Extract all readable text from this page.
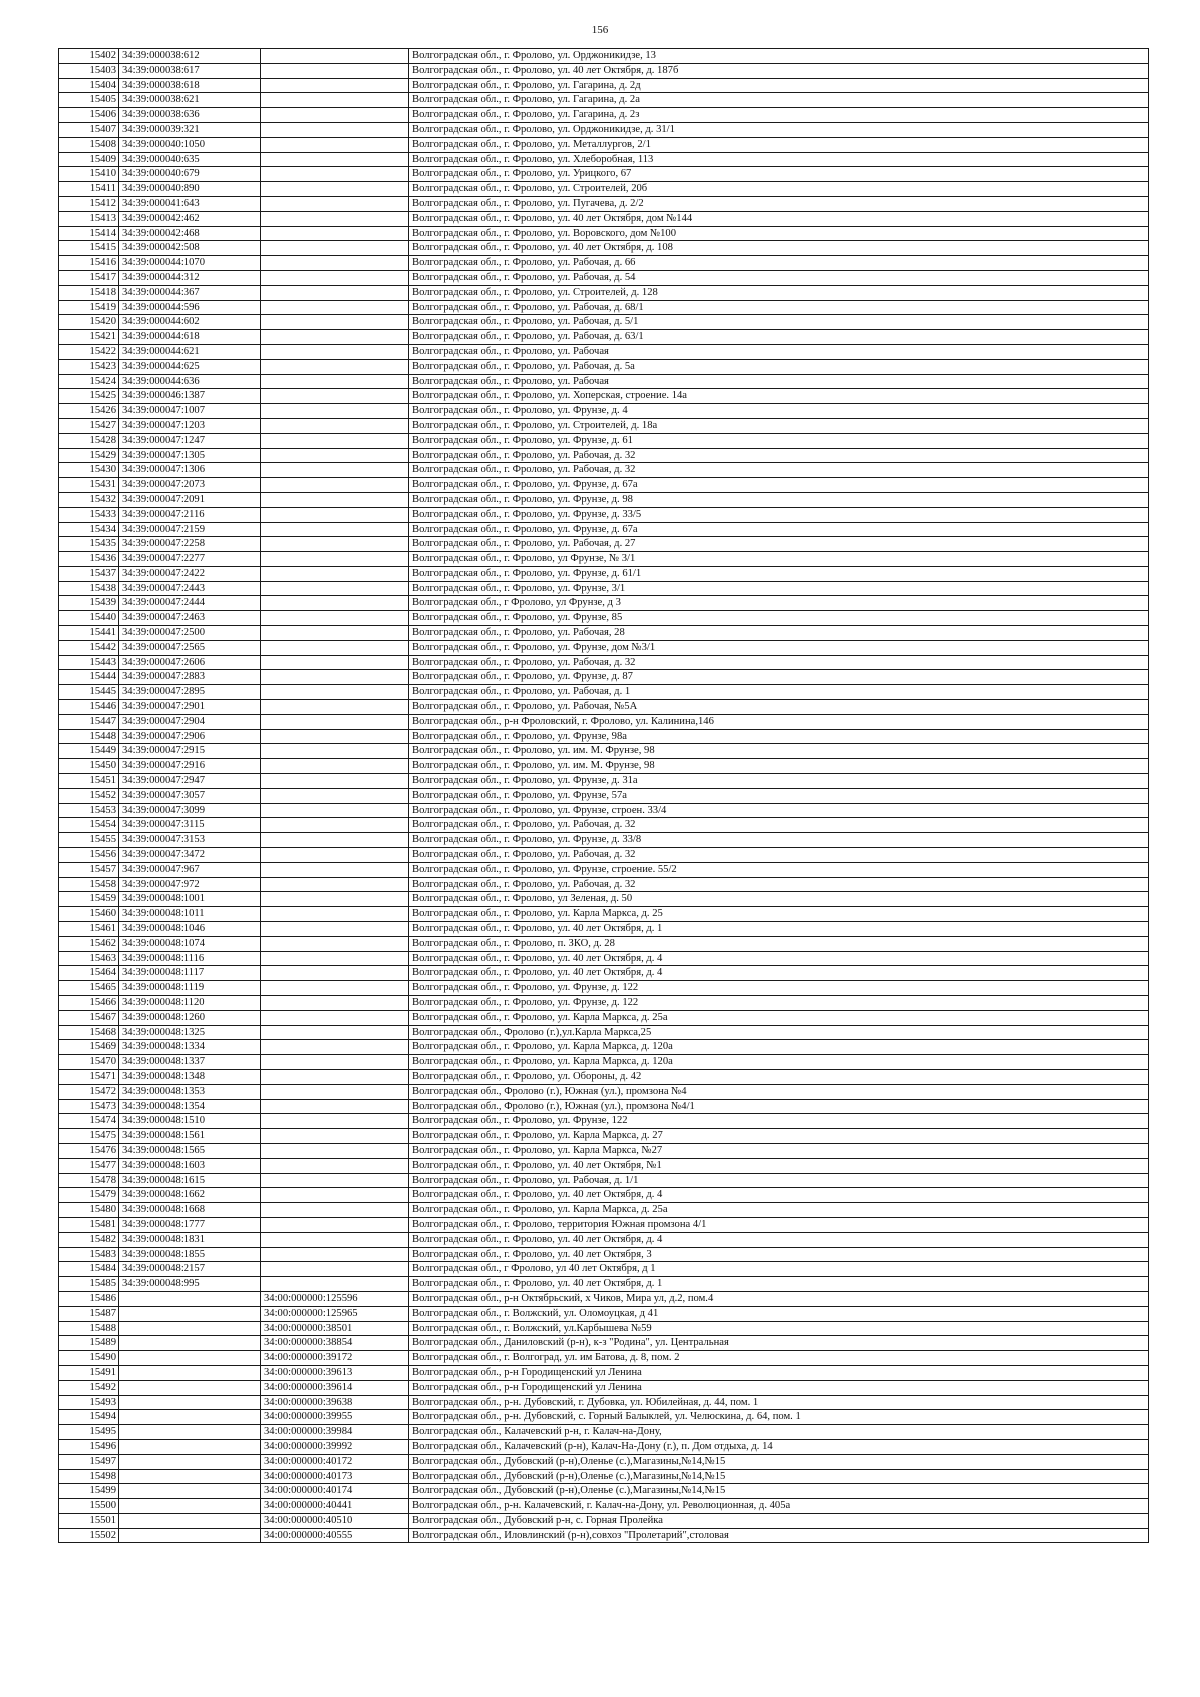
156
15402	34:39:000038:612		Волгоградская обл., г. Фролово, ул. Орджоникидзе, 13
15403	34:39:000038:617		Волгоградская обл., г. Фролово, ул. 40 лет Октября, д. 187б
15404	34:39:000038:618		Волгоградская обл., г. Фролово, ул. Гагарина, д. 2д
15405	34:39:000038:621		Волгоградская обл., г. Фролово, ул. Гагарина, д. 2а
15406	34:39:000038:636		Волгоградская обл., г. Фролово, ул. Гагарина, д. 2з
15407	34:39:000039:321		Волгоградская обл., г. Фролово, ул. Орджоникидзе, д. 31/1
15408	34:39:000040:1050		Волгоградская обл., г. Фролово, ул. Металлургов, 2/1
15409	34:39:000040:635		Волгоградская обл., г. Фролово, ул. Хлеборобная, 113
15410	34:39:000040:679		Волгоградская обл., г. Фролово, ул. Урицкого, 67
15411	34:39:000040:890		Волгоградская обл., г. Фролово, ул. Строителей, 20б
15412	34:39:000041:643		Волгоградская обл., г. Фролово, ул. Пугачева, д. 2/2
15413	34:39:000042:462		Волгоградская обл., г. Фролово, ул. 40 лет Октября, дом №144
15414	34:39:000042:468		Волгоградская обл., г. Фролово, ул. Воровского, дом №100
15415	34:39:000042:508		Волгоградская обл., г. Фролово, ул. 40 лет Октября, д. 108
15416	34:39:000044:1070		Волгоградская обл., г. Фролово, ул. Рабочая, д. 66
15417	34:39:000044:312		Волгоградская обл., г. Фролово, ул. Рабочая, д. 54
15418	34:39:000044:367		Волгоградская обл., г. Фролово, ул. Строителей, д. 128
15419	34:39:000044:596		Волгоградская обл., г. Фролово, ул. Рабочая, д. 68/1
15420	34:39:000044:602		Волгоградская обл., г. Фролово, ул. Рабочая, д. 5/1
15421	34:39:000044:618		Волгоградская обл., г. Фролово, ул. Рабочая, д. 63/1
15422	34:39:000044:621		Волгоградская обл., г. Фролово, ул. Рабочая
15423	34:39:000044:625		Волгоградская обл., г. Фролово, ул. Рабочая, д. 5а
15424	34:39:000044:636		Волгоградская обл., г. Фролово, ул. Рабочая
15425	34:39:000046:1387		Волгоградская обл., г. Фролово, ул. Хоперская, строение. 14а
15426	34:39:000047:1007		Волгоградская обл., г. Фролово, ул. Фрунзе, д. 4
15427	34:39:000047:1203		Волгоградская обл., г. Фролово, ул. Строителей, д. 18а
15428	34:39:000047:1247		Волгоградская обл., г. Фролово, ул. Фрунзе, д. 61
15429	34:39:000047:1305		Волгоградская обл., г. Фролово, ул. Рабочая, д. 32
15430	34:39:000047:1306		Волгоградская обл., г. Фролово, ул. Рабочая, д. 32
15431	34:39:000047:2073		Волгоградская обл., г. Фролово, ул. Фрунзе, д. 67а
15432	34:39:000047:2091		Волгоградская обл., г. Фролово, ул. Фрунзе, д. 98
15433	34:39:000047:2116		Волгоградская обл., г. Фролово, ул. Фрунзе, д. 33/5
15434	34:39:000047:2159		Волгоградская обл., г. Фролово, ул. Фрунзе, д. 67а
15435	34:39:000047:2258		Волгоградская обл., г. Фролово, ул. Рабочая, д. 27
15436	34:39:000047:2277		Волгоградская обл., г. Фролово, ул Фрунзе, № 3/1
15437	34:39:000047:2422		Волгоградская обл., г. Фролово, ул. Фрунзе, д. 61/1
15438	34:39:000047:2443		Волгоградская обл., г. Фролово, ул. Фрунзе, 3/1
15439	34:39:000047:2444		Волгоградская обл., г Фролово, ул Фрунзе, д 3
15440	34:39:000047:2463		Волгоградская обл., г. Фролово, ул. Фрунзе, 85
15441	34:39:000047:2500		Волгоградская обл., г. Фролово, ул. Рабочая, 28
15442	34:39:000047:2565		Волгоградская обл., г. Фролово, ул. Фрунзе, дом №3/1
15443	34:39:000047:2606		Волгоградская обл., г. Фролово, ул. Рабочая, д. 32
15444	34:39:000047:2883		Волгоградская обл., г. Фролово, ул. Фрунзе, д. 87
15445	34:39:000047:2895		Волгоградская обл., г. Фролово, ул. Рабочая, д. 1
15446	34:39:000047:2901		Волгоградская обл., г. Фролово, ул. Рабочая, №5А
15447	34:39:000047:2904		Волгоградская обл., р-н Фроловский, г. Фролово, ул. Калинина,146
15448	34:39:000047:2906		Волгоградская обл., г. Фролово, ул. Фрунзе, 98а
15449	34:39:000047:2915		Волгоградская обл., г. Фролово, ул. им. М. Фрунзе, 98
15450	34:39:000047:2916		Волгоградская обл., г. Фролово, ул. им. М. Фрунзе, 98
15451	34:39:000047:2947		Волгоградская обл., г. Фролово, ул. Фрунзе, д. 31а
15452	34:39:000047:3057		Волгоградская обл., г. Фролово, ул. Фрунзе, 57а
15453	34:39:000047:3099		Волгоградская обл., г. Фролово, ул. Фрунзе, строен. 33/4
15454	34:39:000047:3115		Волгоградская обл., г. Фролово, ул. Рабочая, д. 32
15455	34:39:000047:3153		Волгоградская обл., г. Фролово, ул. Фрунзе, д. 33/8
15456	34:39:000047:3472		Волгоградская обл., г. Фролово, ул. Рабочая, д. 32
15457	34:39:000047:967		Волгоградская обл., г. Фролово, ул. Фрунзе, строение. 55/2
15458	34:39:000047:972		Волгоградская обл., г. Фролово, ул. Рабочая, д. 32
15459	34:39:000048:1001		Волгоградская обл., г. Фролово, ул Зеленая, д. 50
15460	34:39:000048:1011		Волгоградская обл., г. Фролово, ул. Карла Маркса, д. 25
15461	34:39:000048:1046		Волгоградская обл., г. Фролово, ул. 40 лет Октября, д. 1
15462	34:39:000048:1074		Волгоградская обл., г. Фролово, п. ЗКО, д. 28
15463	34:39:000048:1116		Волгоградская обл., г. Фролово, ул. 40 лет Октября, д. 4
15464	34:39:000048:1117		Волгоградская обл., г. Фролово, ул. 40 лет Октября, д. 4
15465	34:39:000048:1119		Волгоградская обл., г. Фролово, ул. Фрунзе, д. 122
15466	34:39:000048:1120		Волгоградская обл., г. Фролово, ул. Фрунзе, д. 122
15467	34:39:000048:1260		Волгоградская обл., г. Фролово, ул. Карла Маркса, д. 25а
15468	34:39:000048:1325		Волгоградская обл., Фролово (г.),ул.Карла Маркса,25
15469	34:39:000048:1334		Волгоградская обл., г. Фролово, ул. Карла Маркса, д. 120а
15470	34:39:000048:1337		Волгоградская обл., г. Фролово, ул. Карла Маркса, д. 120а
15471	34:39:000048:1348		Волгоградская обл., г. Фролово, ул. Обороны, д. 42
15472	34:39:000048:1353		Волгоградская обл., Фролово (г.), Южная (ул.), промзона №4
15473	34:39:000048:1354		Волгоградская обл., Фролово (г.), Южная (ул.), промзона №4/1
15474	34:39:000048:1510		Волгоградская обл., г. Фролово, ул. Фрунзе, 122
15475	34:39:000048:1561		Волгоградская обл., г. Фролово, ул. Карла Маркса, д. 27
15476	34:39:000048:1565		Волгоградская обл., г. Фролово, ул. Карла Маркса, №27
15477	34:39:000048:1603		Волгоградская обл., г. Фролово, ул. 40 лет Октября, №1
15478	34:39:000048:1615		Волгоградская обл., г. Фролово, ул. Рабочая, д. 1/1
15479	34:39:000048:1662		Волгоградская обл., г. Фролово, ул. 40 лет Октября, д. 4
15480	34:39:000048:1668		Волгоградская обл., г. Фролово, ул. Карла Маркса, д. 25а
15481	34:39:000048:1777		Волгоградская обл., г. Фролово, территория Южная промзона 4/1
15482	34:39:000048:1831		Волгоградская обл., г. Фролово, ул. 40 лет Октября, д. 4
15483	34:39:000048:1855		Волгоградская обл., г. Фролово, ул. 40 лет Октября, 3
15484	34:39:000048:2157		Волгоградская обл., г Фролово, ул 40 лет Октября, д 1
15485	34:39:000048:995		Волгоградская обл., г. Фролово, ул. 40 лет Октября, д. 1
15486		34:00:000000:125596	Волгоградская обл., р-н Октябрьский, х Чиков, Мира ул, д.2, пом.4
15487		34:00:000000:125965	Волгоградская обл., г. Волжский, ул. Оломоуцкая, д 41
15488		34:00:000000:38501	Волгоградская обл., г. Волжский, ул.Карбышева №59
15489		34:00:000000:38854	Волгоградская обл., Даниловский (р-н), к-з "Родина", ул. Центральная
15490		34:00:000000:39172	Волгоградская обл., г. Волгоград, ул. им Батова, д. 8, пом. 2
15491		34:00:000000:39613	Волгоградская обл., р-н Городищенский ул Ленина
15492		34:00:000000:39614	Волгоградская обл., р-н Городищенский ул Ленина
15493		34:00:000000:39638	Волгоградская обл., р-н. Дубовский, г. Дубовка, ул. Юбилейная, д. 44, пом. 1
15494		34:00:000000:39955	Волгоградская обл., р-н. Дубовский, с. Горный Балыклей, ул. Челюскина, д. 64, пом. 1
15495		34:00:000000:39984	Волгоградская обл., Калачевский р-н, г. Калач-на-Дону,
15496		34:00:000000:39992	Волгоградская обл., Калачевский (р-н), Калач-На-Дону (г.), п. Дом отдыха, д. 14
15497		34:00:000000:40172	Волгоградская обл., Дубовский (р-н),Оленье (с.),Магазины,№14,№15
15498		34:00:000000:40173	Волгоградская обл., Дубовский (р-н),Оленье (с.),Магазины,№14,№15
15499		34:00:000000:40174	Волгоградская обл., Дубовский (р-н),Оленье (с.),Магазины,№14,№15
15500		34:00:000000:40441	Волгоградская обл., р-н. Калачевский, г. Калач-на-Дону, ул. Революционная, д. 405а
15501		34:00:000000:40510	Волгоградская обл., Дубовский р-н, с. Горная Пролейка
15502		34:00:000000:40555	Волгоградская обл., Иловлинский (р-н),совхоз "Пролетарий",столовая
